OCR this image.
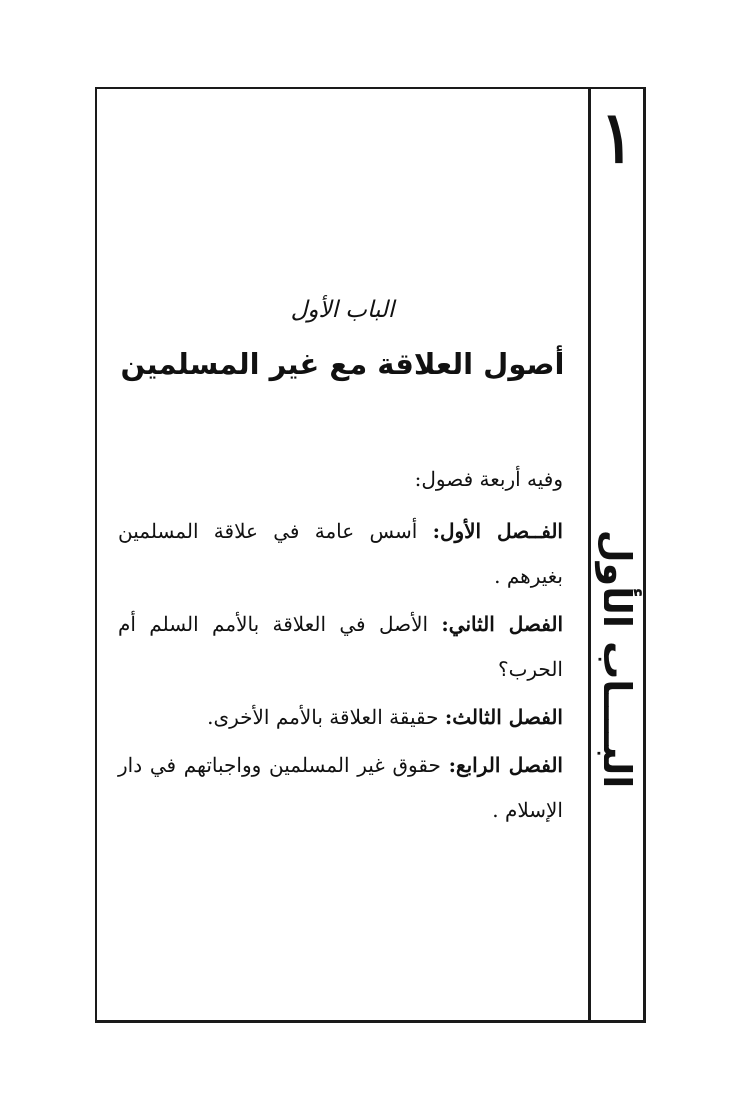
١
البــــاب الأول
الباب الأول
أصول العلاقة مع غير المسلمين
وفيه أربعة فصول:
الفــصل الأول: أسس عامة في علاقة المسلمين بغيرهم .
الفصل الثاني: الأصل في العلاقة بالأمم السلم أم الحرب؟
الفصل الثالث: حقيقة العلاقة بالأمم الأخرى.
الفصل الرابع: حقوق غير المسلمين وواجباتهم في دار الإسلام .
